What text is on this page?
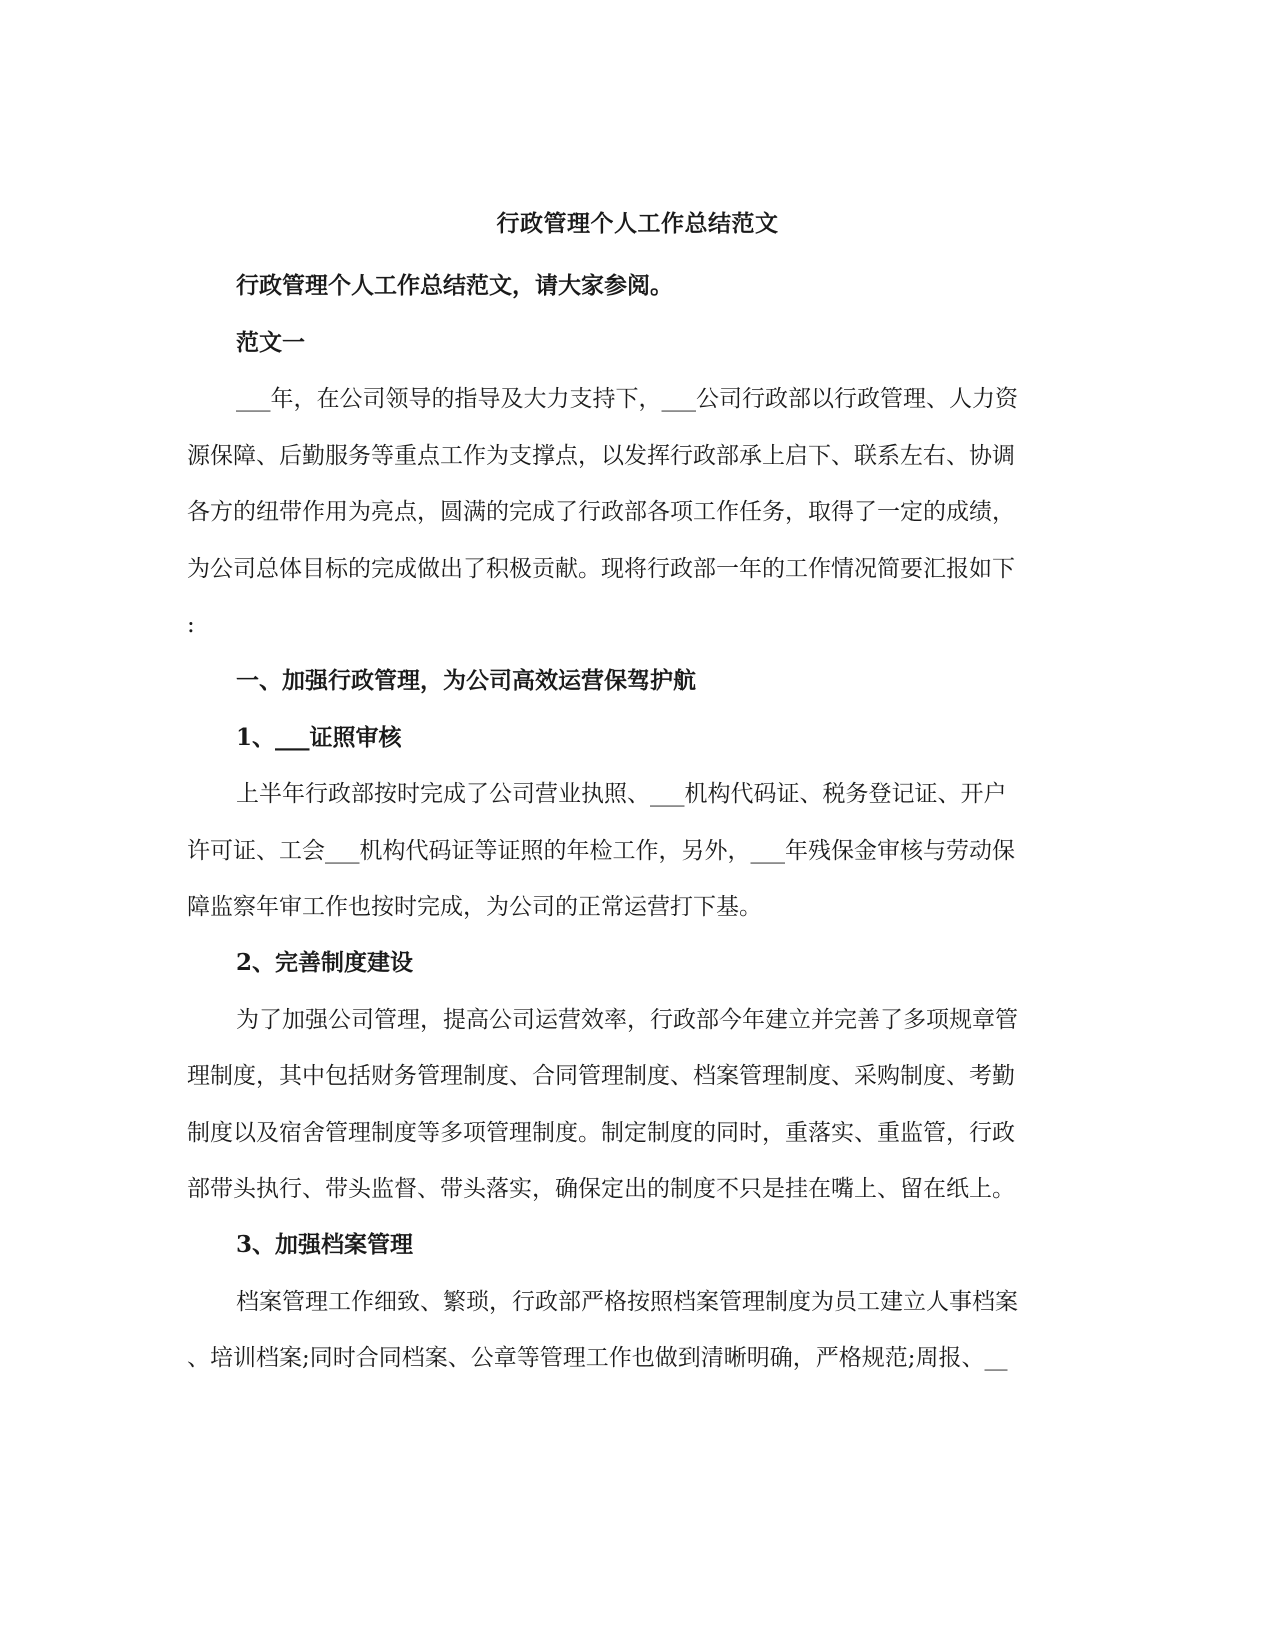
行政管理个人工作总结范文
行政管理个人工作总结范文，请大家参阅。
范文一
___年，在公司领导的指导及大力支持下，___公司行政部以行政管理、人力资
源保障、后勤服务等重点工作为支撑点，以发挥行政部承上启下、联系左右、协调
各方的纽带作用为亮点，圆满的完成了行政部各项工作任务，取得了一定的成绩，
为公司总体目标的完成做出了积极贡献。现将行政部一年的工作情况简要汇报如下
:
一、加强行政管理，为公司高效运营保驾护航
1、___证照审核
上半年行政部按时完成了公司营业执照、___机构代码证、税务登记证、开户
许可证、工会___机构代码证等证照的年检工作，另外，___年残保金审核与劳动保
障监察年审工作也按时完成，为公司的正常运营打下基。
2、完善制度建设
为了加强公司管理，提高公司运营效率，行政部今年建立并完善了多项规章管
理制度，其中包括财务管理制度、合同管理制度、档案管理制度、采购制度、考勤
制度以及宿舍管理制度等多项管理制度。制定制度的同时，重落实、重监管，行政
部带头执行、带头监督、带头落实，确保定出的制度不只是挂在嘴上、留在纸上。
3、加强档案管理
档案管理工作细致、繁琐，行政部严格按照档案管理制度为员工建立人事档案
、培训档案;同时合同档案、公章等管理工作也做到清晰明确，严格规范;周报、__
